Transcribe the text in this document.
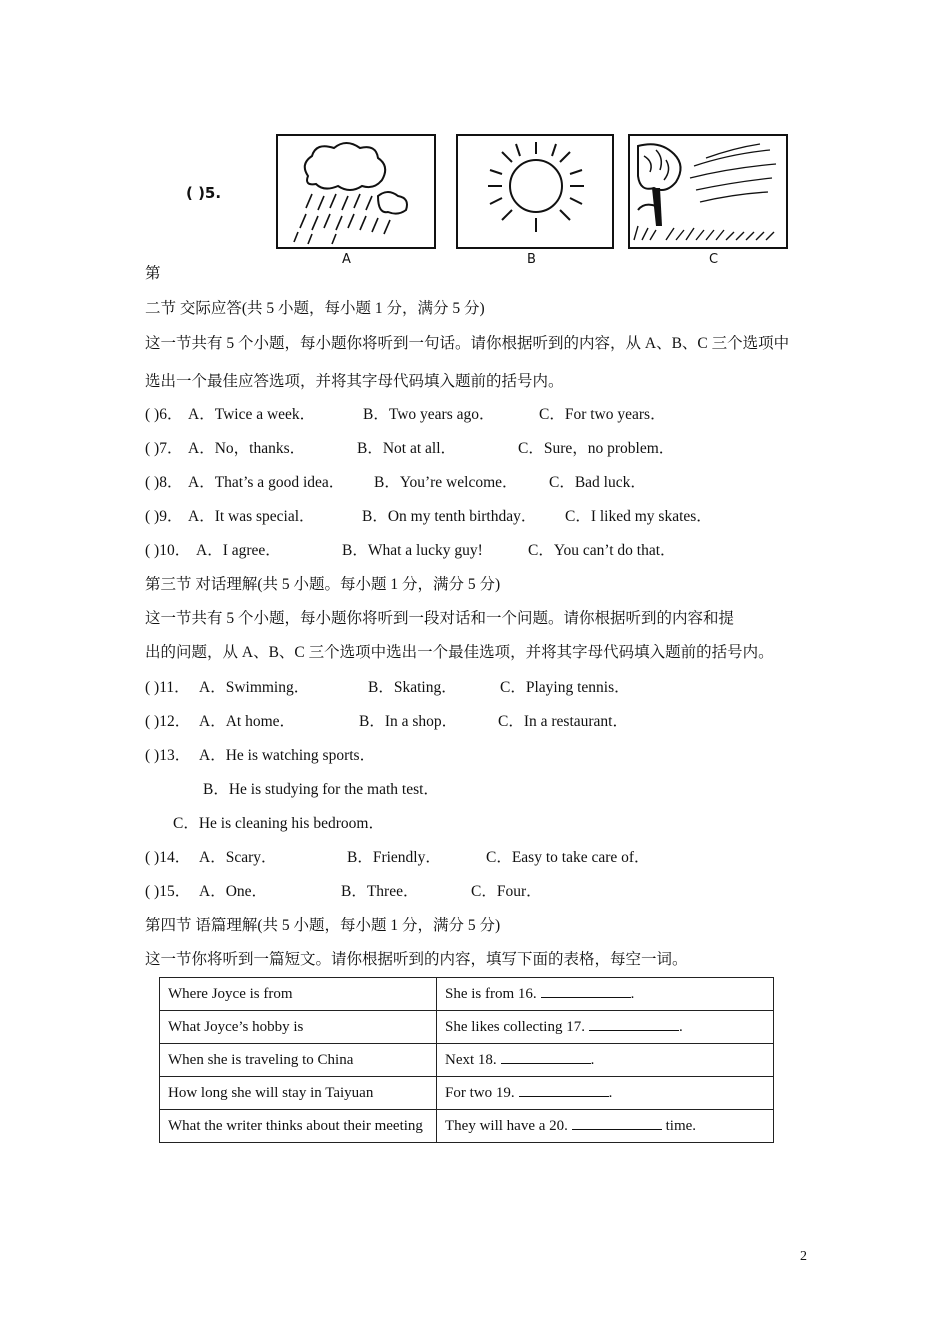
( )5.
A	B	C
第
二节 交际应答(共 5 小题，每小题 1 分，满分 5 分)
这一节共有 5 个小题，每小题你将听到一句话。请你根据听到的内容，从 A、B、C 三个选项中
选出一个最佳应答选项，并将其字母代码填入题前的括号内。
( )6． A．Twice a week．	B．Two years ago．	C．For two years．
( )7． A．No，thanks．	B．Not at all．	C．Sure，no problem．
( )8． A．That’s a good idea． B．You’re welcome． C．Bad luck．
( )9． A．It was special．	B．On my tenth birthday． C．I liked my skates．
( )10． A．I agree．	B．What a lucky guy!	C．You can’t do that．
第三节 对话理解(共 5 小题。每小题 1 分，满分 5 分)
这一节共有 5 个小题，每小题你将听到一段对话和一个问题。请你根据听到的内容和提
出的问题，从 A、B、C 三个选项中选出一个最佳选项，并将其字母代码填入题前的括号内。
( )11． A．Swimming．	B．Skating．	C．Playing tennis．
( )12． A．At home．	B．In a shop．	C．In a restaurant．
( )13． A．He is watching sports．
B．He is studying for the math test．
C．He is cleaning his bedroom．
( )14． A．Scary．	B．Friendly．	C．Easy to take care of．
( )15． A．One．	B．Three．	C．Four．
第四节 语篇理解(共 5 小题，每小题 1 分，满分 5 分)
这一节你将听到一篇短文。请你根据听到的内容，填写下面的表格，每空一词。
Where Joyce is from	She is from 16. .
What Joyce’s hobby is	She likes collecting 17. .
When she is traveling to China	Next 18. .
How long she will stay in Taiyuan	For two 19. .
What the writer thinks about their meeting	They will have a 20. time.
2
